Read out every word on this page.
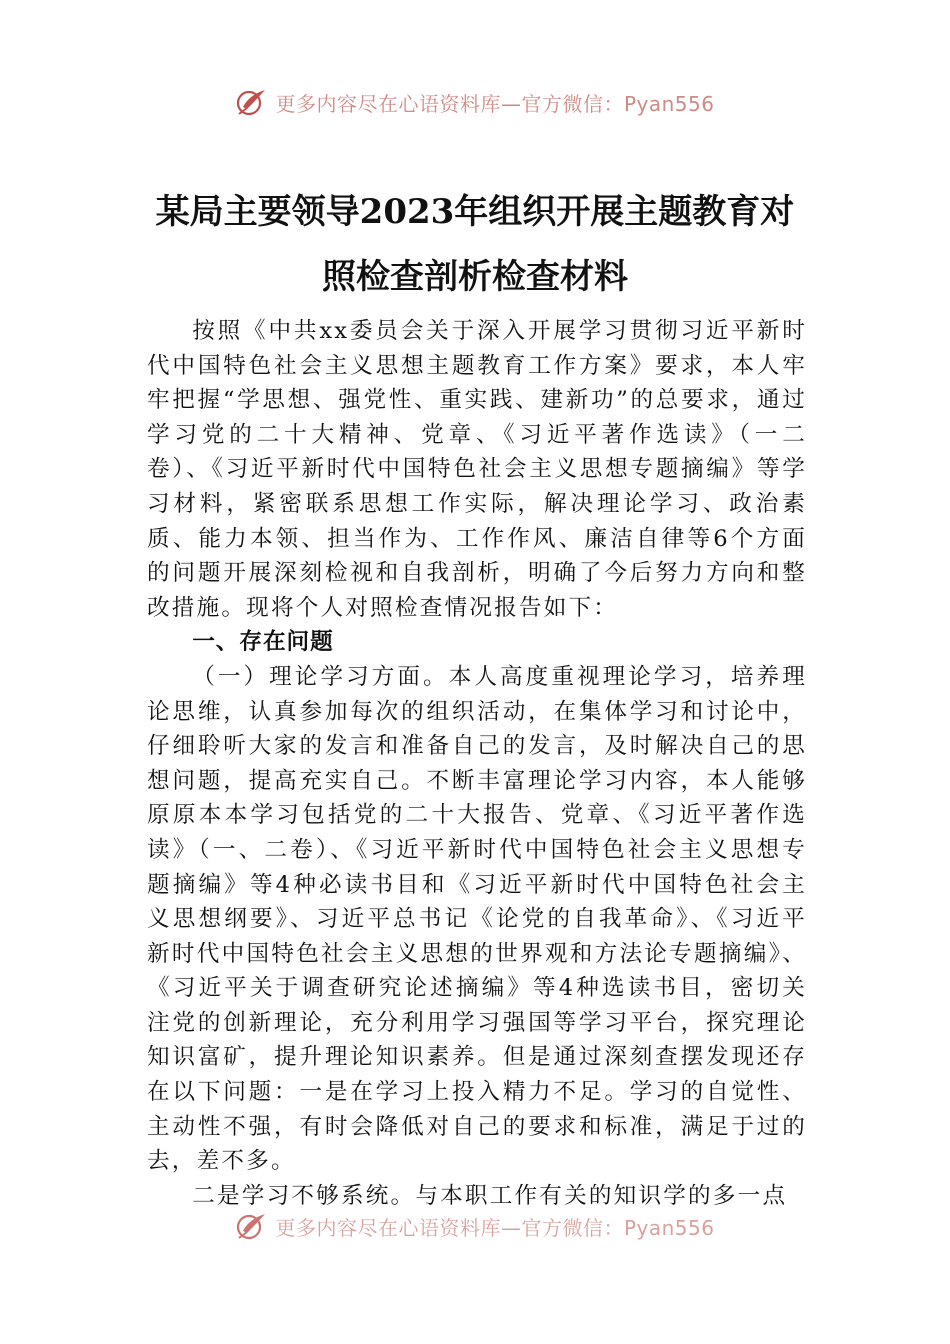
更多内容尽在心语资料库—官方微信：Pyan556
某局主要领导2023年组织开展主题教育对
照检查剖析检查材料

按照《中共xx委员会关于深入开展学习贯彻习近平新时代中国特色社会主义思想主题教育工作方案》要求，本人牢牢把握“学思想、强党性、重实践、建新功”的总要求，通过学习党的二十大精神、党章、《习近平著作选读》（一二卷）、《习近平新时代中国特色社会主义思想专题摘编》等学习材料，紧密联系思想工作实际，解决理论学习、政治素质、能力本领、担当作为、工作作风、廉洁自律等6个方面的问题开展深刻检视和自我剖析，明确了今后努力方向和整改措施。现将个人对照检查情况报告如下：

一、存在问题

（一）理论学习方面。本人高度重视理论学习，培养理论思维，认真参加每次的组织活动，在集体学习和讨论中，仔细聆听大家的发言和准备自己的发言，及时解决自己的思想问题，提高充实自己。不断丰富理论学习内容，本人能够原原本本学习包括党的二十大报告、党章、《习近平著作选读》（一、二卷）、《习近平新时代中国特色社会主义思想专题摘编》等4种必读书目和《习近平新时代中国特色社会主义思想纲要》、习近平总书记《论党的自我革命》、《习近平新时代中国特色社会主义思想的世界观和方法论专题摘编》、《习近平关于调查研究论述摘编》等4种选读书目，密切关注党的创新理论，充分利用学习强国等学习平台，探究理论知识富矿，提升理论知识素养。但是通过深刻查摆发现还存在以下问题：一是在学习上投入精力不足。学习的自觉性、主动性不强，有时会降低对自己的要求和标准，满足于过的去，差不多。

二是学习不够系统。与本职工作有关的知识学的多一点

更多内容尽在心语资料库—官方微信：Pyan556
